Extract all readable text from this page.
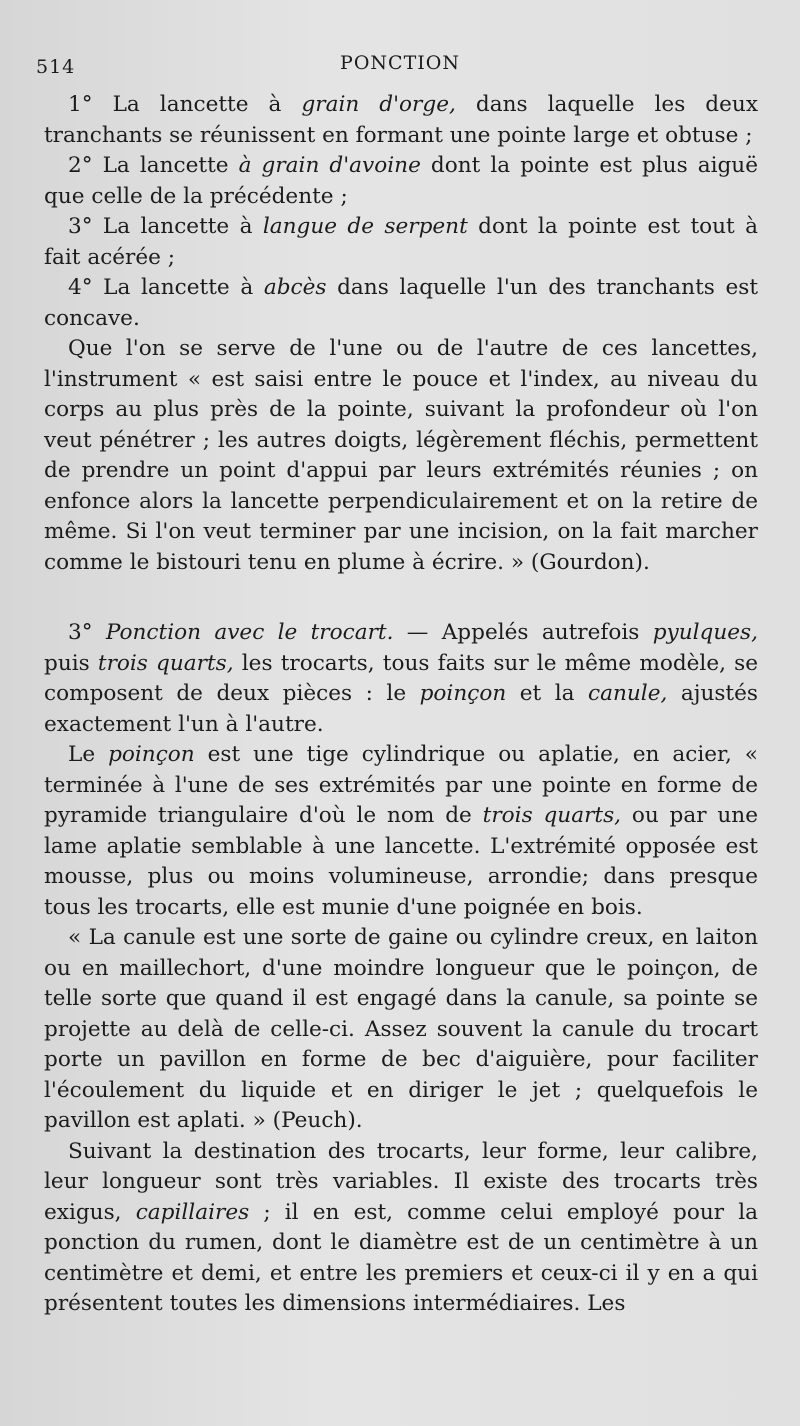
514	PONCTION

1° La lancette à grain d'orge, dans laquelle les deux tranchants se réunissent en formant une pointe large et obtuse ;

2° La lancette à grain d'avoine dont la pointe est plus aiguë que celle de la précédente ;

3° La lancette à langue de serpent dont la pointe est tout à fait acérée ;

4° La lancette à abcès dans laquelle l'un des tranchants est concave.

Que l'on se serve de l'une ou de l'autre de ces lancettes, l'instrument « est saisi entre le pouce et l'index, au niveau du corps au plus près de la pointe, suivant la profondeur où l'on veut pénétrer ; les autres doigts, légèrement fléchis, permettent de prendre un point d'appui par leurs extrémités réunies ; on enfonce alors la lancette perpendiculairement et on la retire de même. Si l'on veut terminer par une incision, on la fait marcher comme le bistouri tenu en plume à écrire. » (Gourdon).

3° Ponction avec le trocart. — Appelés autrefois pyulques, puis trois quarts, les trocarts, tous faits sur le même modèle, se composent de deux pièces : le poinçon et la canule, ajustés exactement l'un à l'autre.

Le poinçon est une tige cylindrique ou aplatie, en acier, « terminée à l'une de ses extrémités par une pointe en forme de pyramide triangulaire d'où le nom de trois quarts, ou par une lame aplatie semblable à une lancette. L'extrémité opposée est mousse, plus ou moins volumineuse, arrondie; dans presque tous les trocarts, elle est munie d'une poignée en bois.

« La canule est une sorte de gaine ou cylindre creux, en laiton ou en maillechort, d'une moindre longueur que le poinçon, de telle sorte que quand il est engagé dans la canule, sa pointe se projette au delà de celle-ci. Assez souvent la canule du trocart porte un pavillon en forme de bec d'aiguière, pour faciliter l'écoulement du liquide et en diriger le jet ; quelquefois le pavillon est aplati. » (Peuch).

Suivant la destination des trocarts, leur forme, leur calibre, leur longueur sont très variables. Il existe des trocarts très exigus, capillaires ; il en est, comme celui employé pour la ponction du rumen, dont le diamètre est de un centimètre à un centimètre et demi, et entre les premiers et ceux-ci il y en a qui présentent toutes les dimensions intermédiaires. Les
